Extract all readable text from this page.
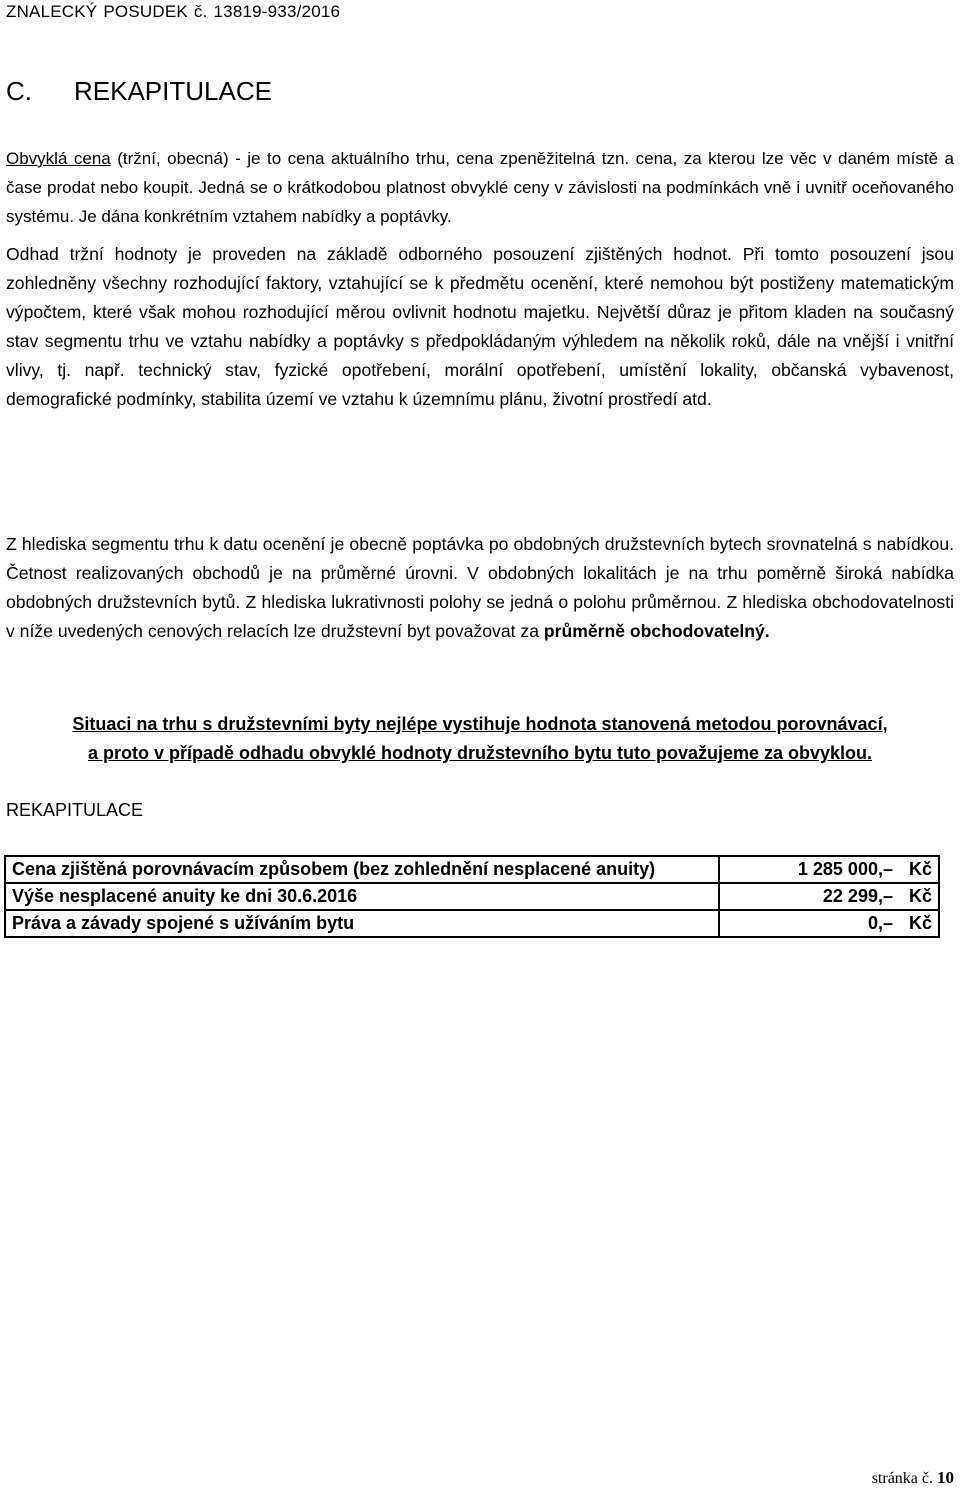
ZNALECKÝ POSUDEK č. 13819-933/2016
C. REKAPITULACE

Obvyklá cena (tržní, obecná) - je to cena aktuálního trhu, cena zpeněžitelná tzn. cena, za kterou lze věc v daném místě a čase prodat nebo koupit. Jedná se o krátkodobou platnost obvyklé ceny v závislosti na podmínkách vně i uvnitř oceňovaného systému. Je dána konkrétním vztahem nabídky a poptávky.

Odhad tržní hodnoty je proveden na základě odborného posouzení zjištěných hodnot. Při tomto posouzení jsou zohledněny všechny rozhodující faktory, vztahující se k předmětu ocenění, které nemohou být postiženy matematickým výpočtem, které však mohou rozhodující měrou ovlivnit hodnotu majetku. Největší důraz je přitom kladen na současný stav segmentu trhu ve vztahu nabídky a poptávky s předpokládaným výhledem na několik roků, dále na vnější i vnitřní vlivy, tj. např. technický stav, fyzické opotřebení, morální opotřebení, umístění lokality, občanská vybavenost, demografické podmínky, stabilita území ve vztahu k územnímu plánu, životní prostředí atd.

Z hlediska segmentu trhu k datu ocenění je obecně poptávka po obdobných družstevních bytech srovnatelná s nabídkou. Četnost realizovaných obchodů je na průměrné úrovni. V obdobných lokalitách je na trhu poměrně široká nabídka obdobných družstevních bytů. Z hlediska lukrativnosti polohy se jedná o polohu průměrnou. Z hlediska obchodovatelnosti v níže uvedených cenových relacích lze družstevní byt považovat za průměrně obchodovatelný.

Situaci na trhu s družstevními byty nejlépe vystihuje hodnota stanovená metodou porovnávací,
a proto v případě odhadu obvyklé hodnoty družstevního bytu tuto považujeme za obvyklou.
REKAPITULACE
Cena zjištěná porovnávacím způsobem (bez zohlednění nesplacené anuity)	1 285 000,– Kč
Výše nesplacené anuity ke dni 30.6.2016	22 299,– Kč
Práva a závady spojené s užíváním bytu	0,– Kč
stránka č. 10
